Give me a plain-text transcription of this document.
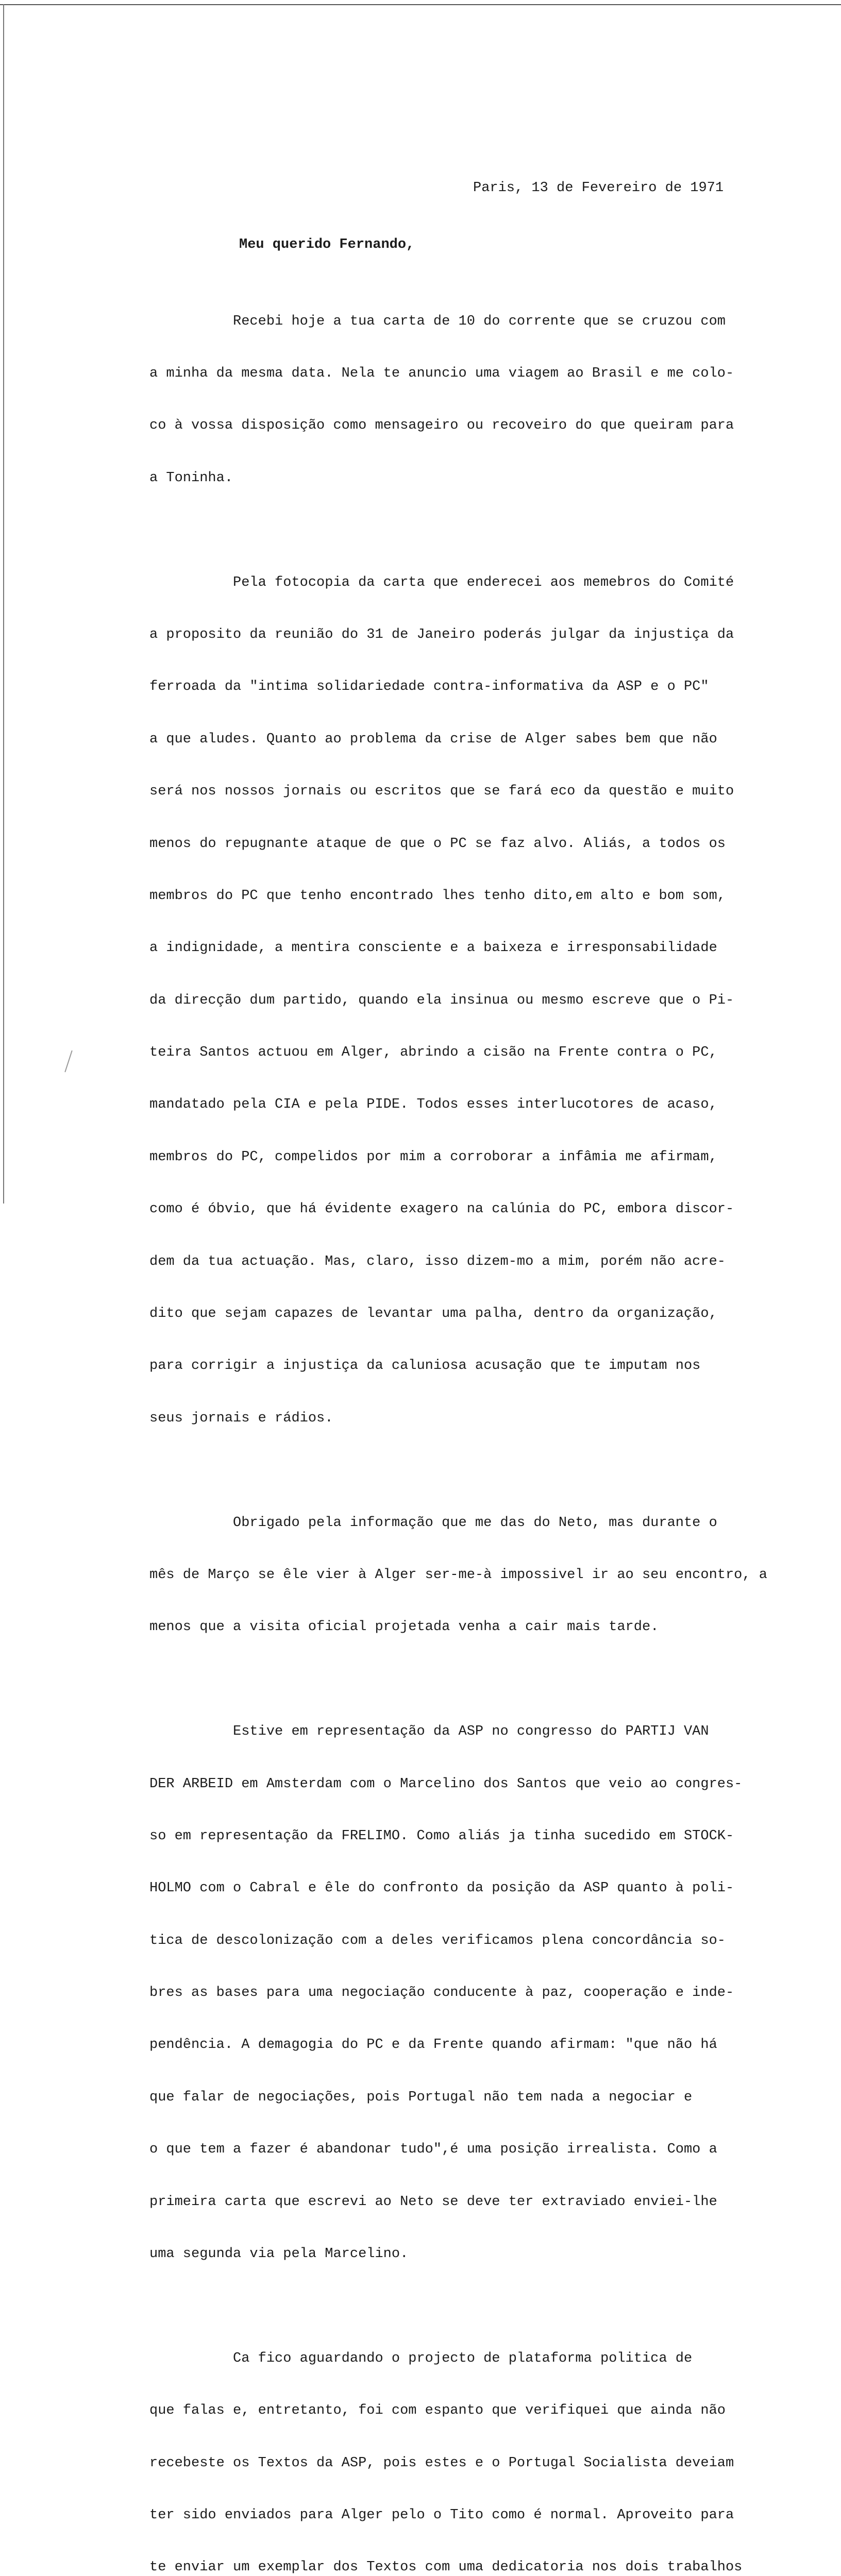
Paris, 13 de Fevereiro de 1971
Meu querido Fernando,

Recebi hoje a tua carta de 10 do corrente que se cruzou com

a minha da mesma data. Nela te anuncio uma viagem ao Brasil e me colo-

co à vossa disposição como mensageiro ou recoveiro do que queiram para

a Toninha.

Pela fotocopia da carta que enderecei aos memebros do Comité

a proposito da reunião do 31 de Janeiro poderás julgar da injustiça da

ferroada da "intima solidariedade contra-informativa da ASP e o PC"

a que aludes. Quanto ao problema da crise de Alger sabes bem que não

será nos nossos jornais ou escritos que se fará eco da questão e muito

menos do repugnante ataque de que o PC se faz alvo. Aliás, a todos os

membros do PC que tenho encontrado lhes tenho dito,em alto e bom som,

a indignidade, a mentira consciente e a baixeza e irresponsabilidade

da direcção dum partido, quando ela insinua ou mesmo escreve que o Pi-

teira Santos actuou em Alger, abrindo a cisão na Frente contra o PC,

mandatado pela CIA e pela PIDE. Todos esses interlucotores de acaso,

membros do PC, compelidos por mim a corroborar a infâmia me afirmam,

como é óbvio, que há évidente exagero na calúnia do PC, embora discor-

dem da tua actuação. Mas, claro, isso dizem-mo a mim, porém não acre-

dito que sejam capazes de levantar uma palha, dentro da organização,

para corrigir a injustiça da caluniosa acusação que te imputam nos

seus jornais e rádios.

Obrigado pela informação que me das do Neto, mas durante o

mês de Março se êle vier à Alger ser-me-à impossivel ir ao seu encontro, a

menos que a visita oficial projetada venha a cair mais tarde.

Estive em representação da ASP no congresso do PARTIJ VAN

DER ARBEID em Amsterdam com o Marcelino dos Santos que veio ao congres-

so em representação da FRELIMO. Como aliás ja tinha sucedido em STOCK-

HOLMO com o Cabral e êle do confronto da posição da ASP quanto à poli-

tica de descolonização com a deles verificamos plena concordância so-

bres as bases para uma negociação conducente à paz, cooperação e inde-

pendência. A demagogia do PC e da Frente quando afirmam: "que não há

que falar de negociações, pois Portugal não tem nada a negociar e

o que tem a fazer é abandonar tudo",é uma posição irrealista. Como a

primeira carta que escrevi ao Neto se deve ter extraviado enviei-lhe

uma segunda via pela Marcelino.

Ca fico aguardando o projecto de plataforma politica de

que falas e, entretanto, foi com espanto que verifiquei que ainda não

recebeste os Textos da ASP, pois estes e o Portugal Socialista deveiam

ter sido enviados para Alger pelo o Tito como é normal. Aproveito para

te enviar um exemplar dos Textos com uma dedicatoria nos dois trabalhos
